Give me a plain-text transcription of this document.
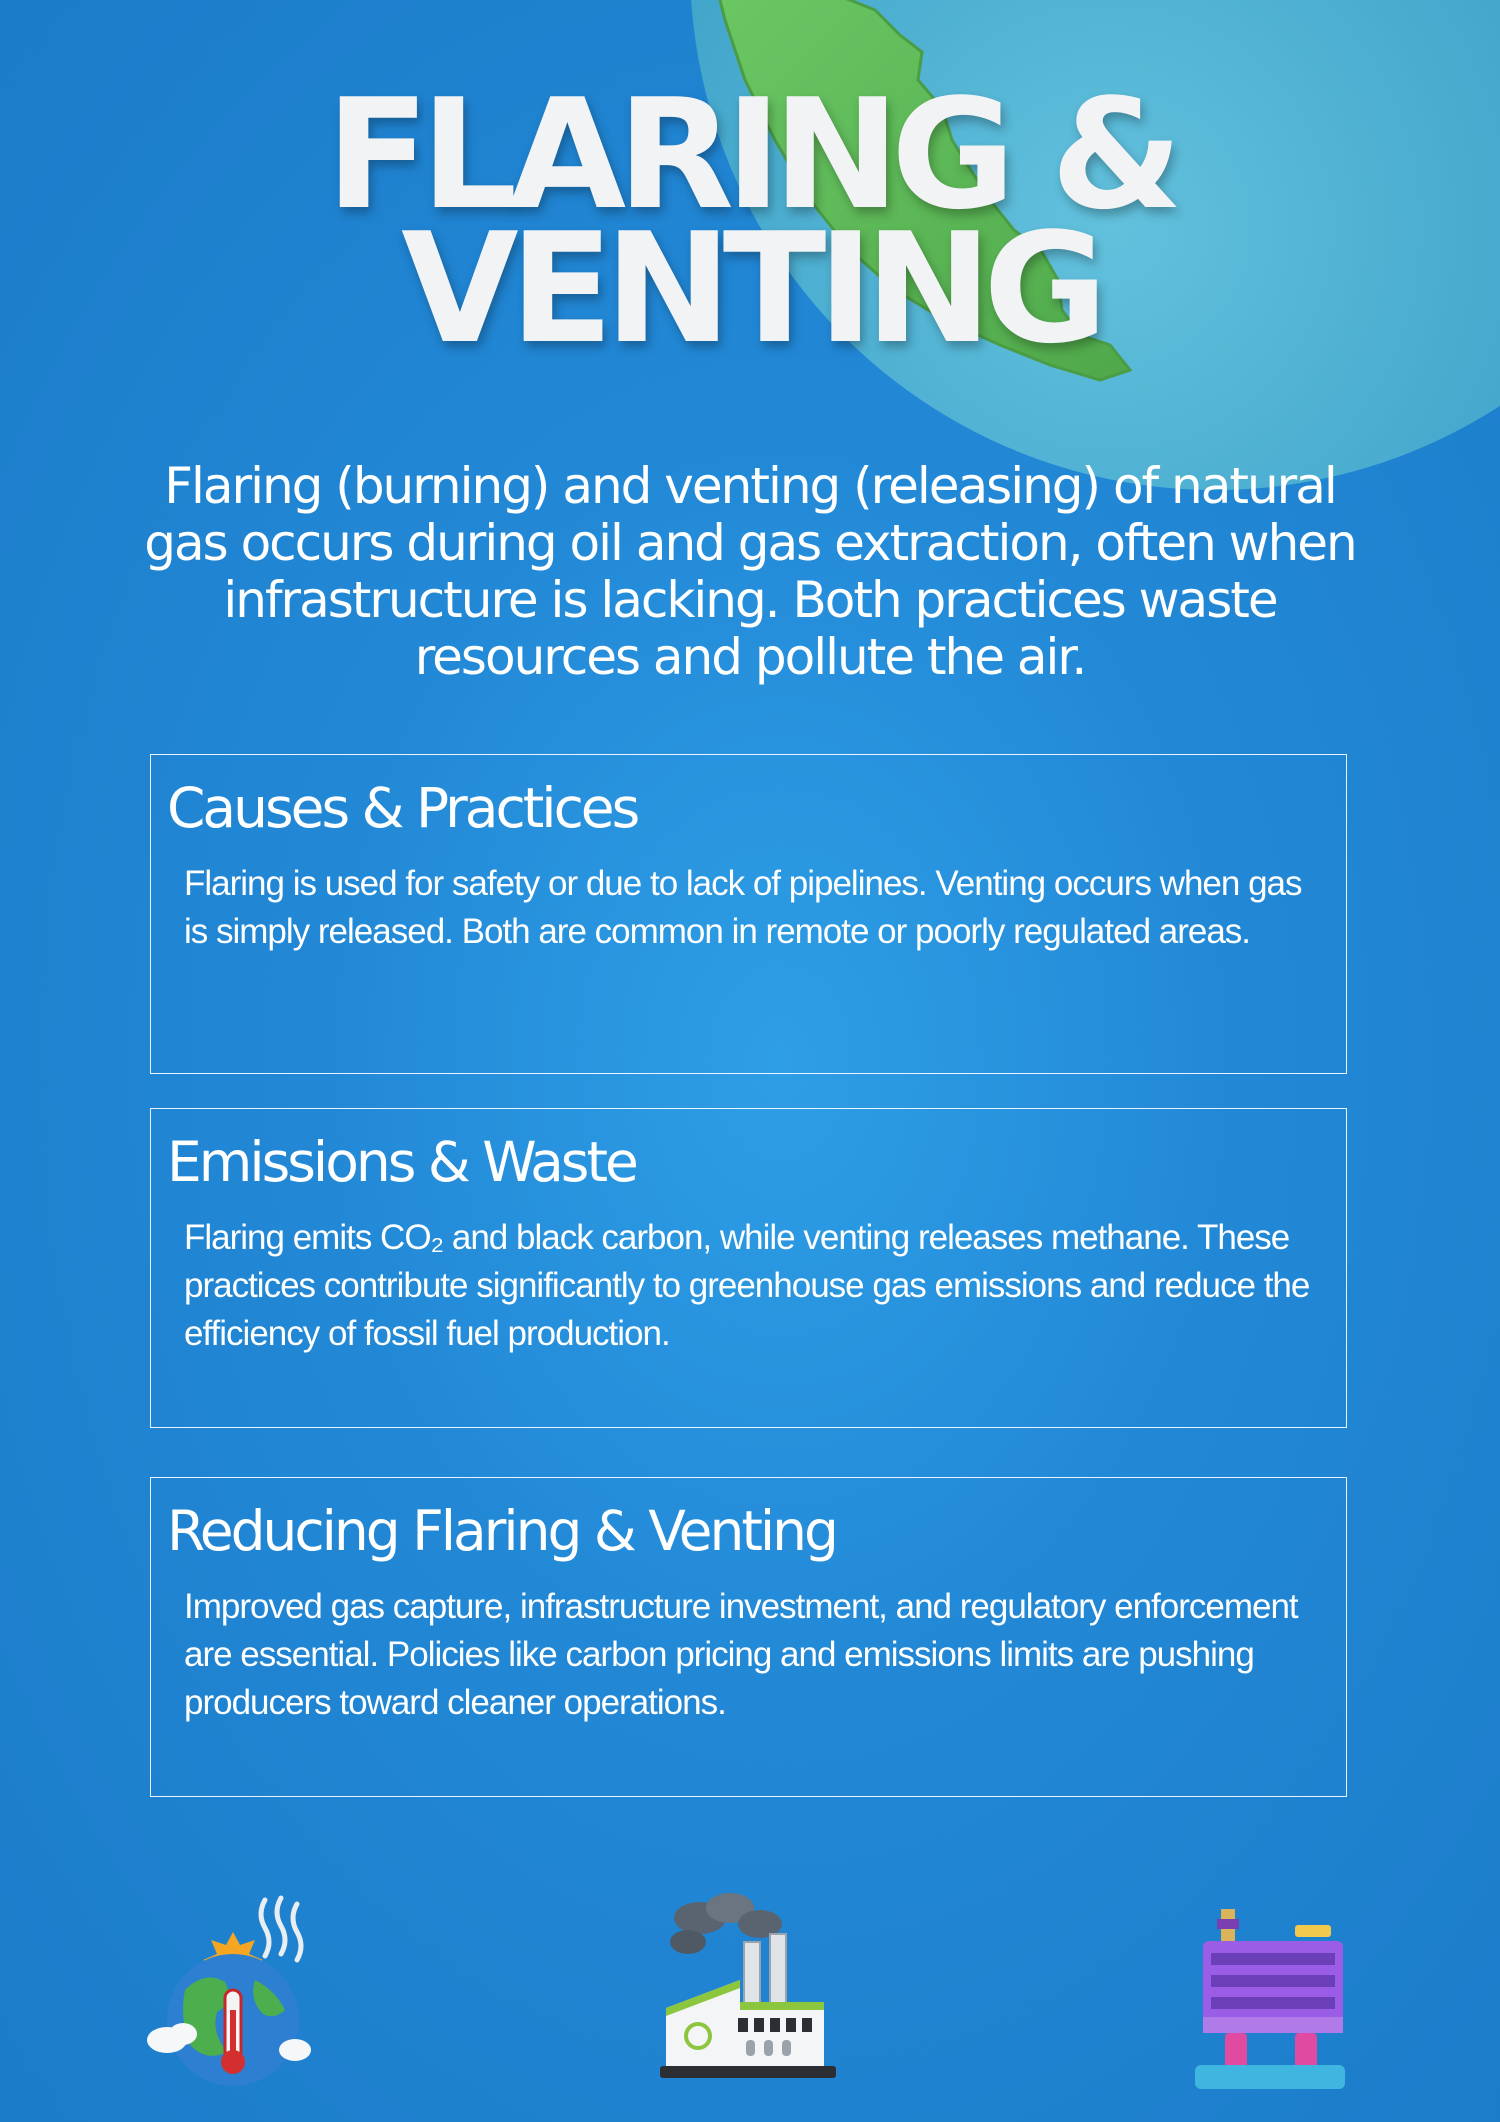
FLARING &
VENTING

Flaring (burning) and venting (releasing) of natural gas occurs during oil and gas extraction, often when infrastructure is lacking. Both practices waste resources and pollute the air.

Causes & Practices

Flaring is used for safety or due to lack of pipelines. Venting occurs when gas is simply released. Both are common in remote or poorly regulated areas.

Emissions & Waste

Flaring emits CO₂ and black carbon, while venting releases methane. These practices contribute significantly to greenhouse gas emissions and reduce the efficiency of fossil fuel production.

Reducing Flaring & Venting

Improved gas capture, infrastructure investment, and regulatory enforcement are essential. Policies like carbon pricing and emissions limits are pushing producers toward cleaner operations.
